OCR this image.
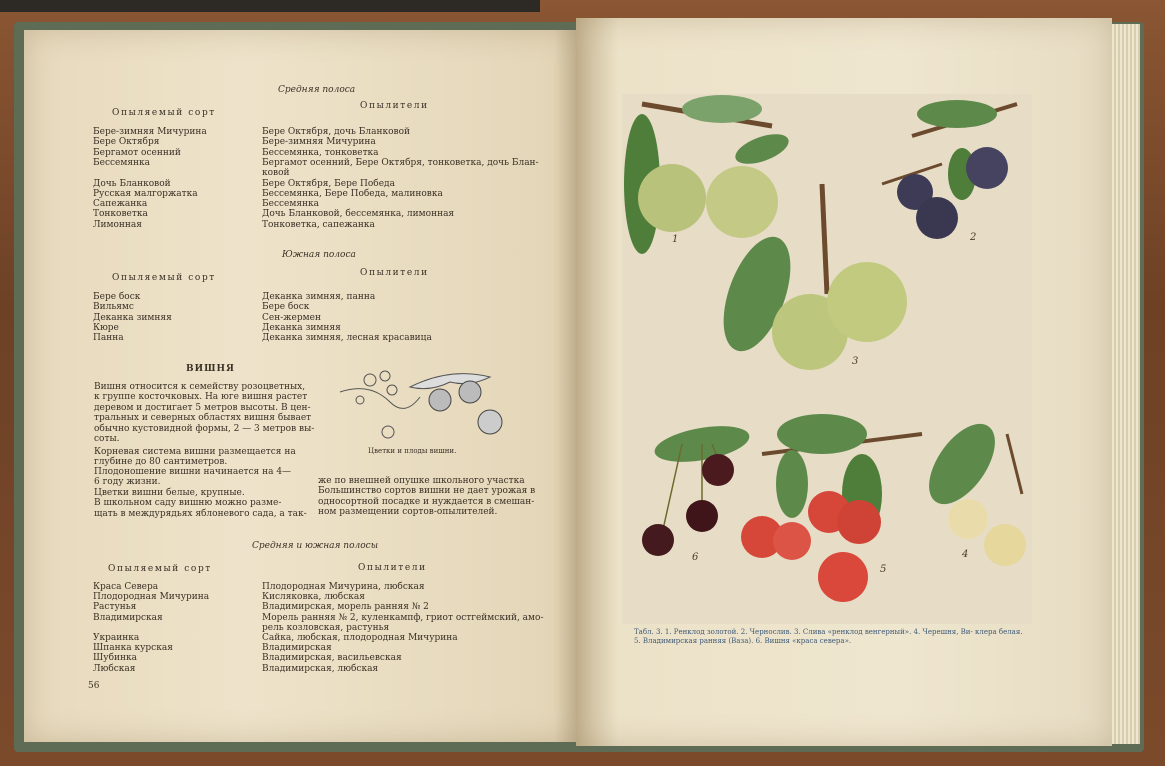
Средняя полоса
Опыляемый сорт
Опылители
Бере-зимняя Мичурина	Бере Октября, дочь Бланковой
Бере Октября	Бере-зимняя Мичурина
Бергамот осенний	Бессемянка, тонковетка
Бессемянка	Бергамот осенний, Бере Октября, тонковетка, дочь Блан-
ковой
Дочь Бланковой	Бере Октября, Бере Победа
Русская малгоржатка	Бессемянка, Бере Победа, малиновка
Сапежанка	Бессемянка
Тонковетка	Дочь Бланковой, бессемянка, лимонная
Лимонная	Тонковетка, сапежанка
Южная полоса
Опыляемый сорт	Опылители
Бере боск	Деканка зимняя, панна
Вильямс	Бере боск
Деканка зимняя	Сен-жермен
Кюре	Деканка зимняя
Панна	Деканка зимняя, лесная красавица
ВИШНЯ
Вишня относится к семейству розоцветных,
к группе косточковых. На юге вишня растет
деревом и достигает 5 метров высоты. В цен-
тральных и северных областях вишня бывает
обычно кустовидной формы, 2 — 3 метров вы-
соты.
Корневая система вишни размещается на
глубине до 80 сантиметров.
Плодоношение вишни начинается на 4—
6 году жизни.
Цветки вишни белые, крупные.
В школьном саду вишню можно разме-
щать в междурядьях яблоневого сада, а так-
же по внешней опушке школьного участка
Большинство сортов вишни не дает урожая в
односортной посадке и нуждается в смешан-
ном размещении сортов-опылителей.
Цветки и плоды вишни.
Средняя и южная полосы
Опыляемый сорт	Опылители
Краса Севера	Плодородная Мичурина, любская
Плодородная Мичурина	Кисляковка, любская
Растунья	Владимирская, морель ранняя № 2
Владимирская	Морель ранняя № 2, куленкампф, гриот остгеймский, амо-
рель козловская, растунья
Украинка	Сайка, любская, плодородная Мичурина
Шпанка курская	Владимирская
Шубинка	Владимирская, васильевская
Любская	Владимирская, любская
56
1	2
3
4
5
6
Табл. 3. 1. Ренклод золотой. 2. Чернослив. 3. Слива «ренклод венгерный». 4. Черешня, Ви- клера белая. 5. Владимирская ранняя (Ваза). 6. Вишня «краса севера».
